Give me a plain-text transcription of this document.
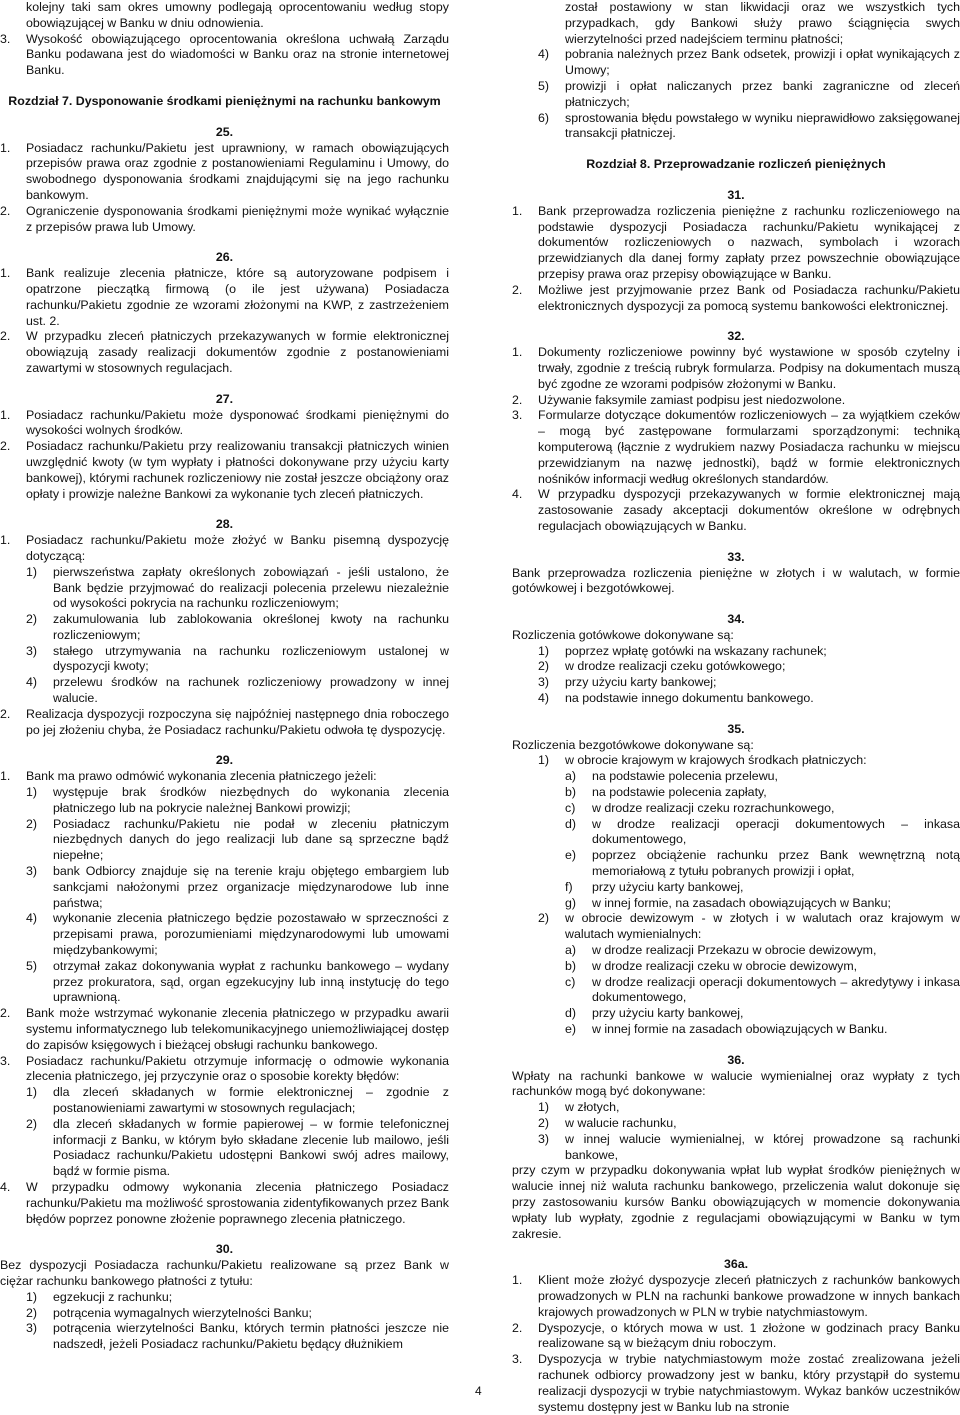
kolejny taki sam okres umowny podlegają oprocentowaniu według stopy obowiązującej w Banku w dniu odnowienia.
3.	Wysokość obowiązującego oprocentowania określona uchwałą Zarządu Banku podawana jest do wiadomości w Banku oraz na stronie internetowej Banku.
Rozdział 7. Dysponowanie środkami pieniężnymi na rachunku bankowym
25.
1.	Posiadacz rachunku/Pakietu jest uprawniony, w ramach obowiązujących przepisów prawa oraz zgodnie z postanowieniami Regulaminu i Umowy, do swobodnego dysponowania środkami znajdującymi się na jego rachunku bankowym.
2.	Ograniczenie dysponowania środkami pieniężnymi może wynikać wyłącznie z przepisów prawa lub Umowy.
26.
1.	Bank realizuje zlecenia płatnicze, które są autoryzowane podpisem i opatrzone pieczątką firmową (o ile jest używana) Posiadacza rachunku/Pakietu zgodnie ze wzorami złożonymi na KWP, z zastrzeżeniem ust. 2.
2.	W przypadku zleceń płatniczych przekazywanych w formie elektronicznej obowiązują zasady realizacji dokumentów zgodnie z postanowieniami zawartymi w stosownych regulacjach.
27.
1.	Posiadacz rachunku/Pakietu może dysponować środkami pieniężnymi do wysokości wolnych środków.
2.	Posiadacz rachunku/Pakietu przy realizowaniu transakcji płatniczych winien uwzględnić kwoty (w tym wypłaty i płatności dokonywane przy użyciu karty bankowej), którymi rachunek rozliczeniowy nie został jeszcze obciążony oraz opłaty i prowizje należne Bankowi za wykonanie tych zleceń płatniczych.
28.
1.	Posiadacz rachunku/Pakietu może złożyć w Banku pisemną dyspozycję dotyczącą:
1)	pierwszeństwa zapłaty określonych zobowiązań - jeśli ustalono, że Bank będzie przyjmować do realizacji polecenia przelewu niezależnie od wysokości pokrycia na rachunku rozliczeniowym;
2)	zakumulowania lub zablokowania określonej kwoty na rachunku rozliczeniowym;
3)	stałego utrzymywania na rachunku rozliczeniowym ustalonej w dyspozycji kwoty;
4)	przelewu środków na rachunek rozliczeniowy prowadzony w innej walucie.
2.	Realizacja dyspozycji rozpoczyna się najpóźniej następnego dnia roboczego po jej złożeniu chyba, że Posiadacz rachunku/Pakietu odwoła tę dyspozycję.
29.
1.	Bank ma prawo odmówić wykonania zlecenia płatniczego jeżeli:
1)	występuje brak środków niezbędnych do wykonania zlecenia płatniczego lub na pokrycie należnej Bankowi prowizji;
2)	Posiadacz rachunku/Pakietu nie podał w zleceniu płatniczym niezbędnych danych do jego realizacji lub dane są sprzeczne bądź niepełne;
3)	bank Odbiorcy znajduje się na terenie kraju objętego embargiem lub sankcjami nałożonymi przez organizacje międzynarodowe lub inne państwa;
4)	wykonanie zlecenia płatniczego będzie pozostawało w sprzeczności z przepisami prawa, porozumieniami międzynarodowymi lub umowami międzybankowymi;
5)	otrzymał zakaz dokonywania wypłat z rachunku bankowego – wydany przez prokuratora, sąd, organ egzekucyjny lub inną instytucję do tego uprawnioną.
2.	Bank może wstrzymać wykonanie zlecenia płatniczego w przypadku awarii systemu informatycznego lub telekomunikacyjnego uniemożliwiającej dostęp do zapisów księgowych i bieżącej obsługi rachunku bankowego.
3.	Posiadacz rachunku/Pakietu otrzymuje informację o odmowie wykonania zlecenia płatniczego, jej przyczynie oraz o sposobie korekty błędów:
1)	dla zleceń składanych w formie elektronicznej – zgodnie z postanowieniami zawartymi w stosownych regulacjach;
2)	dla zleceń składanych w formie papierowej – w formie telefonicznej informacji z Banku, w którym było składane zlecenie lub mailowo, jeśli Posiadacz rachunku/Pakietu udostępni Bankowi swój adres mailowy, bądź w formie pisma.
4.	W przypadku odmowy wykonania zlecenia płatniczego Posiadacz rachunku/Pakietu ma możliwość sprostowania zidentyfikowanych przez Bank błędów poprzez ponowne złożenie poprawnego zlecenia płatniczego.
30.
Bez dyspozycji Posiadacza rachunku/Pakietu realizowane są przez Bank w ciężar rachunku bankowego płatności z tytułu:
1)	egzekucji z rachunku;
2)	potrącenia wymagalnych wierzytelności Banku;
3)	potrącenia wierzytelności Banku, których termin płatności jeszcze nie nadszedł, jeżeli Posiadacz rachunku/Pakietu będący dłużnikiem
został postawiony w stan likwidacji oraz we wszystkich tych przypadkach, gdy Bankowi służy prawo ściągnięcia swych wierzytelności przed nadejściem terminu płatności;
4)	pobrania należnych przez Bank odsetek, prowizji i opłat wynikających z Umowy;
5)	prowizji i opłat naliczanych przez banki zagraniczne od zleceń płatniczych;
6)	sprostowania błędu powstałego w wyniku nieprawidłowo zaksięgowanej transakcji płatniczej.
Rozdział 8. Przeprowadzanie rozliczeń pieniężnych
31.
1.	Bank przeprowadza rozliczenia pieniężne z rachunku rozliczeniowego na podstawie dyspozycji Posiadacza rachunku/Pakietu wynikającej z dokumentów rozliczeniowych o nazwach, symbolach i wzorach przewidzianych dla danej formy zapłaty przez powszechnie obowiązujące przepisy prawa oraz przepisy obowiązujące w Banku.
2.	Możliwe jest przyjmowanie przez Bank od Posiadacza rachunku/Pakietu elektronicznych dyspozycji za pomocą systemu bankowości elektronicznej.
32.
1.	Dokumenty rozliczeniowe powinny być wystawione w sposób czytelny i trwały, zgodnie z treścią rubryk formularza. Podpisy na dokumentach muszą być zgodne ze wzorami podpisów złożonymi w Banku.
2.	Używanie faksymile zamiast podpisu jest niedozwolone.
3.	Formularze dotyczące dokumentów rozliczeniowych – za wyjątkiem czeków – mogą być zastępowane formularzami sporządzonymi: techniką komputerową (łącznie z wydrukiem nazwy Posiadacza rachunku w miejscu przewidzianym na nazwę jednostki), bądź w formie elektronicznych nośników informacji według określonych standardów.
4.	W przypadku dyspozycji przekazywanych w formie elektronicznej mają zastosowanie zasady akceptacji dokumentów określone w odrębnych regulacjach obowiązujących w Banku.
33.
Bank przeprowadza rozliczenia pieniężne w złotych i w walutach, w formie gotówkowej i bezgotówkowej.
34.
Rozliczenia gotówkowe dokonywane są:
1)	poprzez wpłatę gotówki na wskazany rachunek;
2)	w drodze realizacji czeku gotówkowego;
3)	przy użyciu karty bankowej;
4)	na podstawie innego dokumentu bankowego.
35.
Rozliczenia bezgotówkowe dokonywane są:
1)	w obrocie krajowym w krajowych środkach płatniczych:
a)	na podstawie polecenia przelewu,
b)	na podstawie polecenia zapłaty,
c)	w drodze realizacji czeku rozrachunkowego,
d)	w drodze realizacji operacji dokumentowych – inkasa dokumentowego,
e)	poprzez obciążenie rachunku przez Bank wewnętrzną notą memoriałową z tytułu pobranych prowizji i opłat,
f)	przy użyciu karty bankowej,
g)	w innej formie, na zasadach obowiązujących w Banku;
2)	w obrocie dewizowym - w złotych i w walutach oraz krajowym w walutach wymienialnych:
a)	w drodze realizacji Przekazu w obrocie dewizowym,
b)	w drodze realizacji czeku w obrocie dewizowym,
c)	w drodze realizacji operacji dokumentowych – akredytywy i inkasa dokumentowego,
d)	przy użyciu karty bankowej,
e)	w innej formie na zasadach obowiązujących w Banku.
36.
Wpłaty na rachunki bankowe w walucie wymienialnej oraz wypłaty z tych rachunków mogą być dokonywane:
1)	w złotych,
2)	w walucie rachunku,
3)	w innej walucie wymienialnej, w której prowadzone są rachunki bankowe,
przy czym w przypadku dokonywania wpłat lub wypłat środków pieniężnych w walucie innej niż waluta rachunku bankowego, przeliczenia walut dokonuje się przy zastosowaniu kursów Banku obowiązujących w momencie dokonywania wpłaty lub wypłaty, zgodnie z regulacjami obowiązującymi w Banku w tym zakresie.
36a.
1.	Klient może złożyć dyspozycje zleceń płatniczych z rachunków bankowych prowadzonych w PLN na rachunki bankowe prowadzone w innych bankach krajowych prowadzonych w PLN w trybie natychmiastowym.
2.	Dyspozycje, o których mowa w ust. 1 złożone w godzinach pracy Banku realizowane są w bieżącym dniu roboczym.
3.	Dyspozycja w trybie natychmiastowym może zostać zrealizowana jeżeli rachunek odbiorcy prowadzony jest w banku, który przystąpił do systemu realizacji dyspozycji w trybie natychmiastowym. Wykaz banków uczestników systemu dostępny jest w Banku lub na stronie
4
